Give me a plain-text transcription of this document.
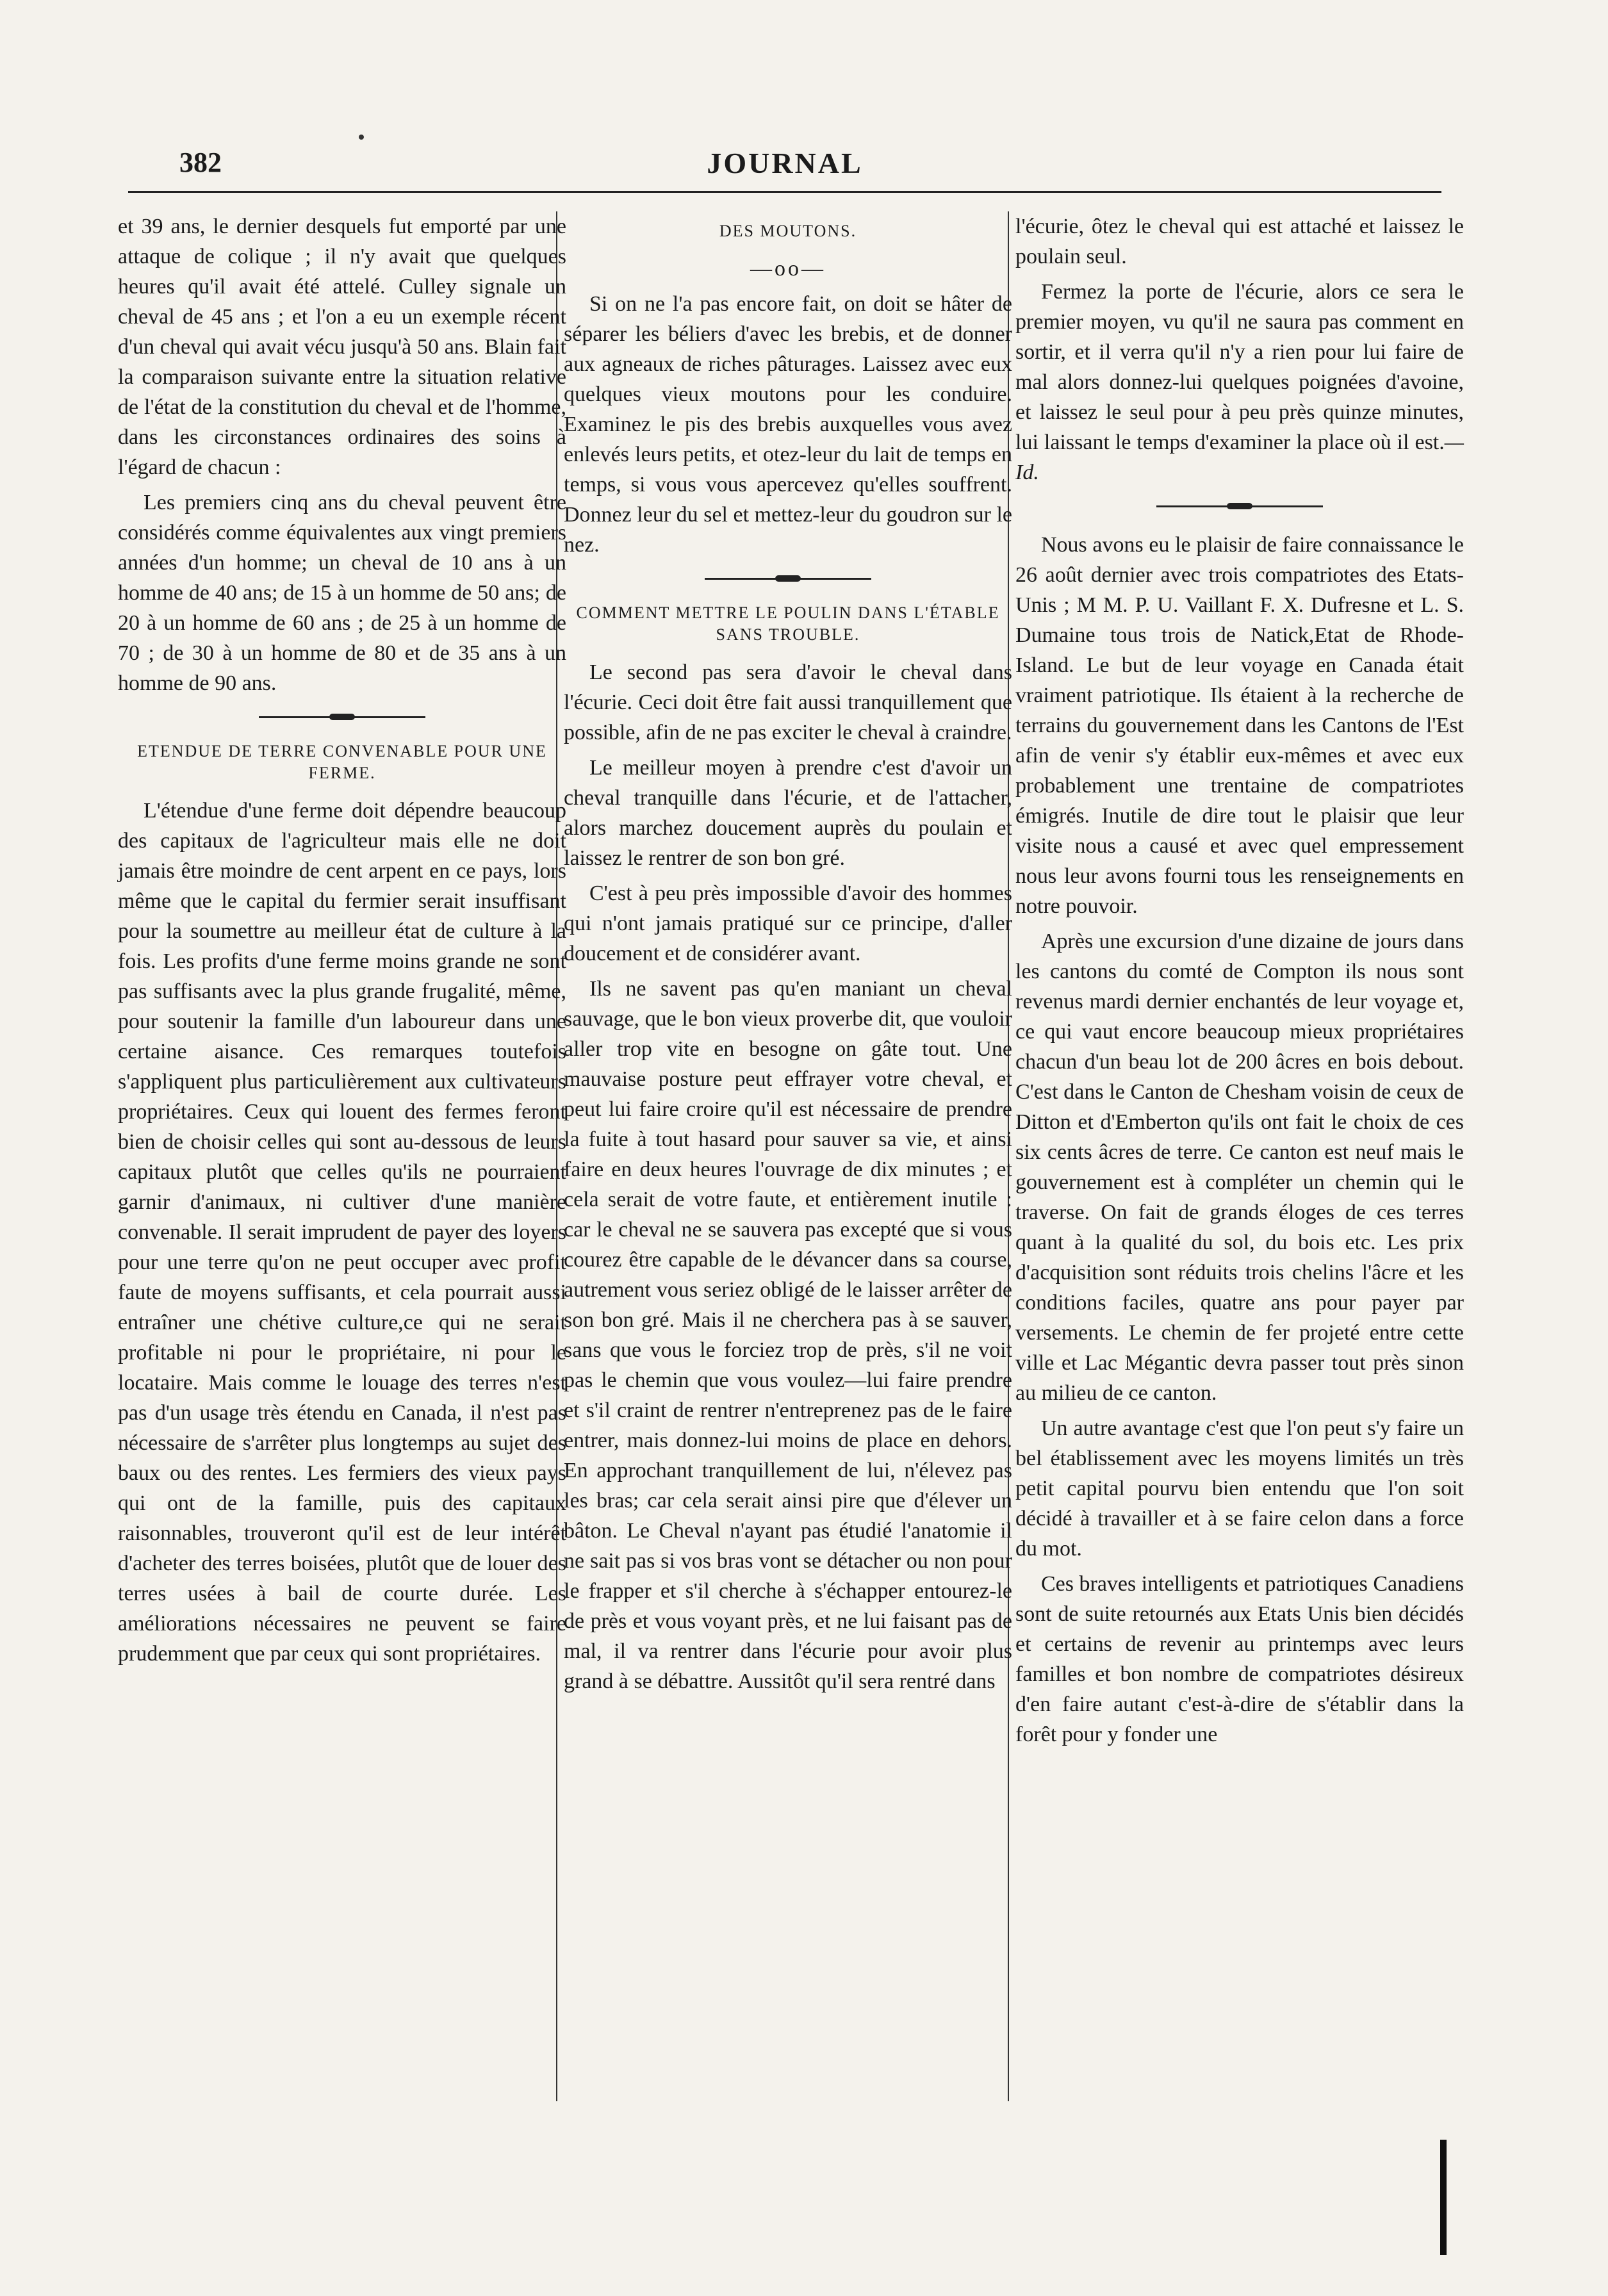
382	JOURNAL

et 39 ans, le dernier desquels fut emporté par une attaque de colique ; il n'y avait que quelques heures qu'il avait été attelé. Culley signale un cheval de 45 ans ; et l'on a eu un exemple récent d'un cheval qui avait vécu jusqu'à 50 ans. Blain fait la comparaison suivante entre la situation relative de l'état de la constitution du cheval et de l'homme, dans les circonstances ordinaires des soins à l'égard de chacun :

Les premiers cinq ans du cheval peuvent être considérés comme équivalentes aux vingt premiers années d'un homme; un cheval de 10 ans à un homme de 40 ans; de 15 à un homme de 50 ans; de 20 à un homme de 60 ans ; de 25 à un homme de 70 ; de 30 à un homme de 80 et de 35 ans à un homme de 90 ans.

ETENDUE DE TERRE CONVENABLE POUR UNE FERME.

L'étendue d'une ferme doit dépendre beaucoup des capitaux de l'agriculteur mais elle ne doit jamais être moindre de cent arpent en ce pays, lors même que le capital du fermier serait insuffisant pour la soumettre au meilleur état de culture à la fois. Les profits d'une ferme moins grande ne sont pas suffisants avec la plus grande frugalité, même, pour soutenir la famille d'un laboureur dans une certaine aisance. Ces remarques toutefois s'appliquent plus particulièrement aux cultivateurs propriétaires. Ceux qui louent des fermes feront bien de choisir celles qui sont au-dessous de leurs capitaux plutôt que celles qu'ils ne pourraient garnir d'animaux, ni cultiver d'une manière convenable. Il serait imprudent de payer des loyers pour une terre qu'on ne peut occuper avec profit faute de moyens suffisants, et cela pourrait aussi entraîner une chétive culture,ce qui ne serait profitable ni pour le propriétaire, ni pour le locataire. Mais comme le louage des terres n'est pas d'un usage très étendu en Canada, il n'est pas nécessaire de s'arrêter plus longtemps au sujet des baux ou des rentes. Les fermiers des vieux pays qui ont de la famille, puis des capitaux raisonnables, trouveront qu'il est de leur intérêt d'acheter des terres boisées, plutôt que de louer des terres usées à bail de courte durée. Les améliorations nécessaires ne peuvent se faire prudemment que par ceux qui sont propriétaires.

DES MOUTONS.
—oo—

Si on ne l'a pas encore fait, on doit se hâter de séparer les béliers d'avec les brebis, et de donner aux agneaux de riches pâturages. Laissez avec eux quelques vieux moutons pour les conduire. Examinez le pis des brebis auxquelles vous avez enlevés leurs petits, et otez-leur du lait de temps en temps, si vous vous apercevez qu'elles souffrent. Donnez leur du sel et mettez-leur du goudron sur le nez.

COMMENT METTRE LE POULIN DANS L'ÉTABLE SANS TROUBLE.

Le second pas sera d'avoir le cheval dans l'écurie. Ceci doit être fait aussi tranquillement que possible, afin de ne pas exciter le cheval à craindre.

Le meilleur moyen à prendre c'est d'avoir un cheval tranquille dans l'écurie, et de l'attacher, alors marchez doucement auprès du poulain et laissez le rentrer de son bon gré.

C'est à peu près impossible d'avoir des hommes qui n'ont jamais pratiqué sur ce principe, d'aller doucement et de considérer avant.

Ils ne savent pas qu'en maniant un cheval sauvage, que le bon vieux proverbe dit, que vouloir aller trop vite en besogne on gâte tout. Une mauvaise posture peut effrayer votre cheval, et peut lui faire croire qu'il est nécessaire de prendre la fuite à tout hasard pour sauver sa vie, et ainsi faire en deux heures l'ouvrage de dix minutes ; et cela serait de votre faute, et entièrement inutile : car le cheval ne se sauvera pas excepté que si vous courez être capable de le dévancer dans sa course, autrement vous seriez obligé de le laisser arrêter de son bon gré. Mais il ne cherchera pas à se sauver, sans que vous le forciez trop de près, s'il ne voit pas le chemin que vous voulez—lui faire prendre et s'il craint de rentrer n'entreprenez pas de le faire entrer, mais donnez-lui moins de place en dehors. En approchant tranquillement de lui, n'élevez pas les bras; car cela serait ainsi pire que d'élever un bâton. Le Cheval n'ayant pas étudié l'anatomie il ne sait pas si vos bras vont se détacher ou non pour le frapper et s'il cherche à s'échapper entourez-le de près et vous voyant près, et ne lui faisant pas de mal, il va rentrer dans l'écurie pour avoir plus grand à se débattre. Aussitôt qu'il sera rentré dans

l'écurie, ôtez le cheval qui est attaché et laissez le poulain seul.

Fermez la porte de l'écurie, alors ce sera le premier moyen, vu qu'il ne saura pas comment en sortir, et il verra qu'il n'y a rien pour lui faire de mal alors donnez-lui quelques poignées d'avoine, et laissez le seul pour à peu près quinze minutes, lui laissant le temps d'examiner la place où il est.—Id.

Nous avons eu le plaisir de faire connaissance le 26 août dernier avec trois compatriotes des Etats-Unis ; M M. P. U. Vaillant F. X. Dufresne et L. S. Dumaine tous trois de Natick,Etat de Rhode-Island. Le but de leur voyage en Canada était vraiment patriotique. Ils étaient à la recherche de terrains du gouvernement dans les Cantons de l'Est afin de venir s'y établir eux-mêmes et avec eux probablement une trentaine de compatriotes émigrés. Inutile de dire tout le plaisir que leur visite nous a causé et avec quel empressement nous leur avons fourni tous les renseignements en notre pouvoir.

Après une excursion d'une dizaine de jours dans les cantons du comté de Compton ils nous sont revenus mardi dernier enchantés de leur voyage et, ce qui vaut encore beaucoup mieux propriétaires chacun d'un beau lot de 200 âcres en bois debout. C'est dans le Canton de Chesham voisin de ceux de Ditton et d'Emberton qu'ils ont fait le choix de ces six cents âcres de terre. Ce canton est neuf mais le gouvernement est à compléter un chemin qui le traverse. On fait de grands éloges de ces terres quant à la qualité du sol, du bois etc. Les prix d'acquisition sont réduits trois chelins l'âcre et les conditions faciles, quatre ans pour payer par versements. Le chemin de fer projeté entre cette ville et Lac Mégantic devra passer tout près sinon au milieu de ce canton.

Un autre avantage c'est que l'on peut s'y faire un bel établissement avec les moyens limités un très petit capital pourvu bien entendu que l'on soit décidé à travailler et à se faire celon dans a force du mot.

Ces braves intelligents et patriotiques Canadiens sont de suite retournés aux Etats Unis bien décidés et certains de revenir au printemps avec leurs familles et bon nombre de compatriotes désireux d'en faire autant c'est-à-dire de s'établir dans la forêt pour y fonder une
